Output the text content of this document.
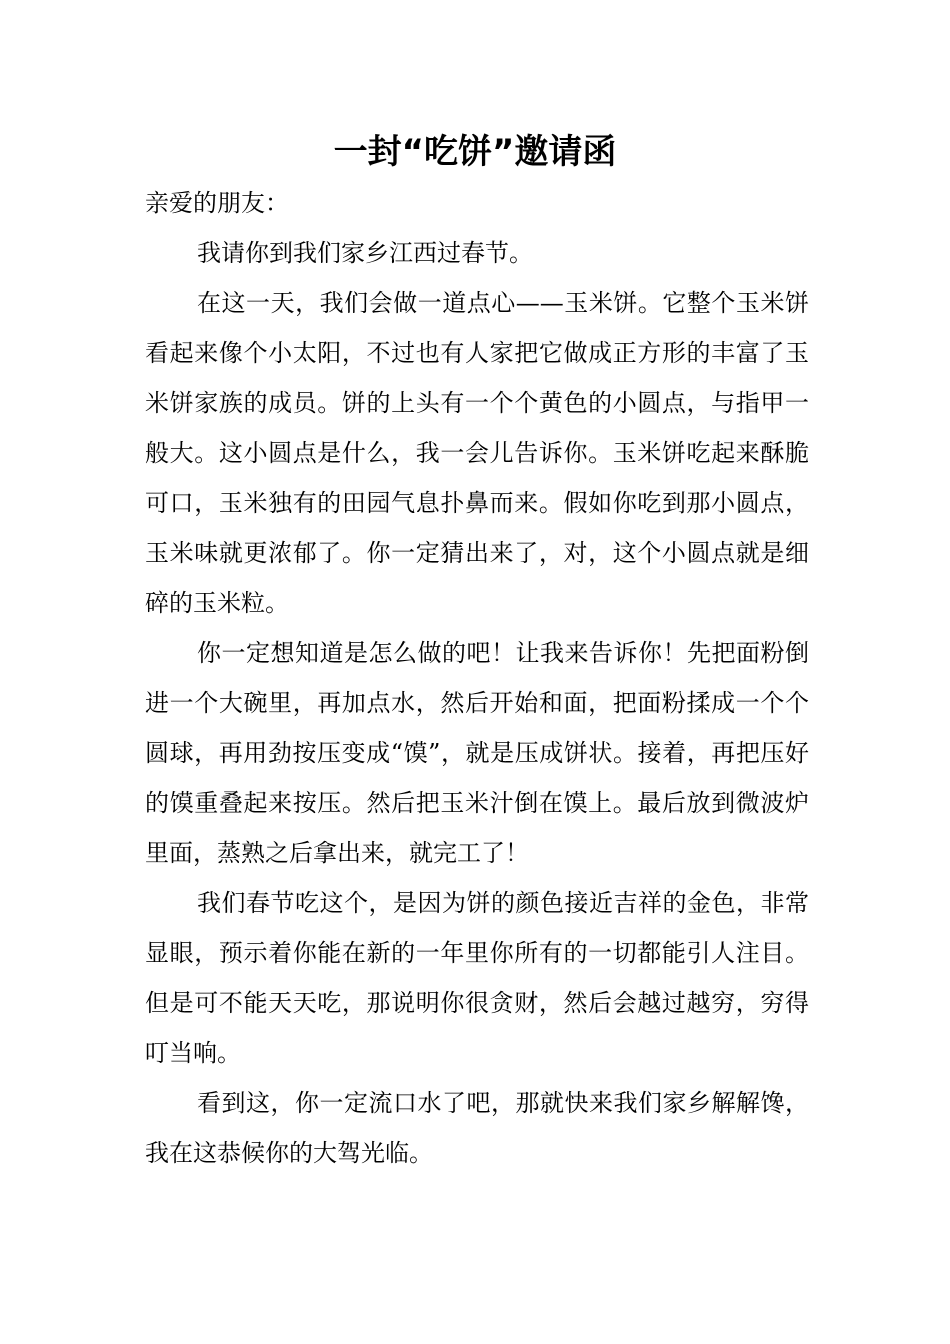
一封“吃饼”邀请函

亲爱的朋友：

我请你到我们家乡江西过春节。

在这一天，我们会做一道点心——玉米饼。它整个玉米饼看起来像个小太阳，不过也有人家把它做成正方形的丰富了玉米饼家族的成员。饼的上头有一个个黄色的小圆点，与指甲一般大。这小圆点是什么，我一会儿告诉你。玉米饼吃起来酥脆可口，玉米独有的田园气息扑鼻而来。假如你吃到那小圆点，玉米味就更浓郁了。你一定猜出来了，对，这个小圆点就是细碎的玉米粒。

你一定想知道是怎么做的吧！让我来告诉你！先把面粉倒进一个大碗里，再加点水，然后开始和面，把面粉揉成一个个圆球，再用劲按压变成“馍”，就是压成饼状。接着，再把压好的馍重叠起来按压。然后把玉米汁倒在馍上。最后放到微波炉里面，蒸熟之后拿出来，就完工了！

我们春节吃这个，是因为饼的颜色接近吉祥的金色，非常显眼，预示着你能在新的一年里你所有的一切都能引人注目。但是可不能天天吃，那说明你很贪财，然后会越过越穷，穷得叮当响。

看到这，你一定流口水了吧，那就快来我们家乡解解馋，我在这恭候你的大驾光临。
